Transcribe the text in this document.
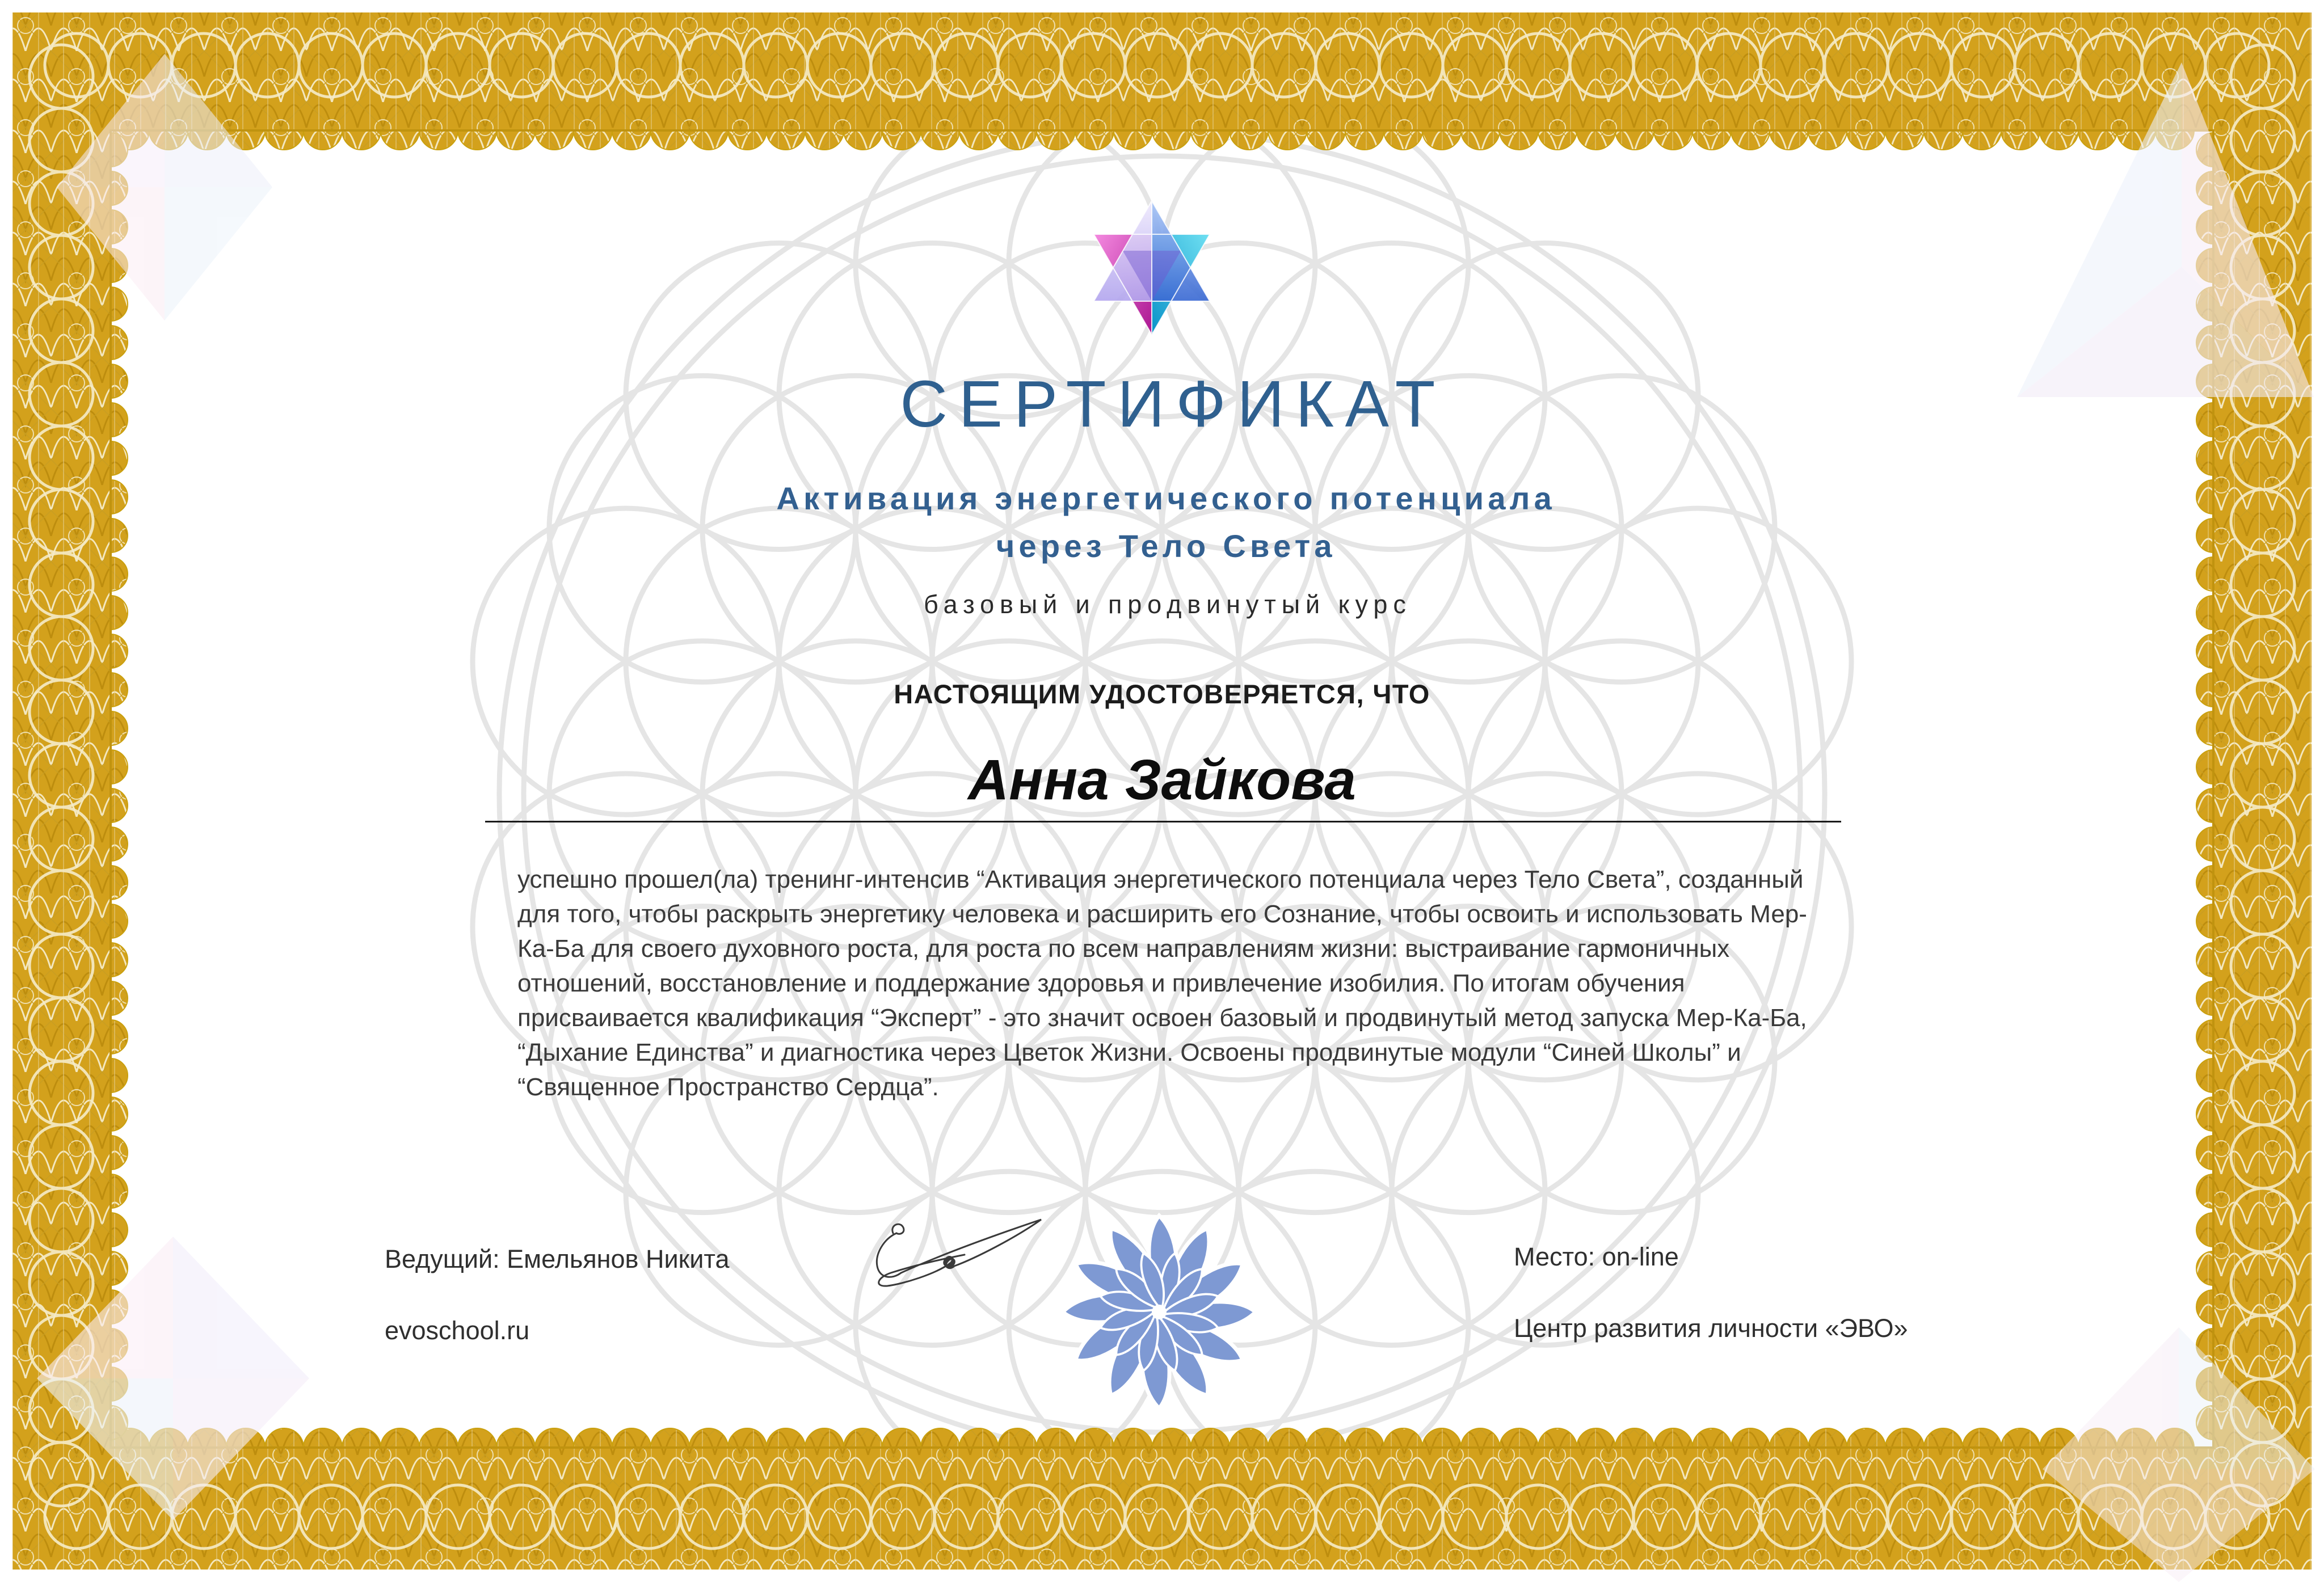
СЕРТИФИКАТ
Активация энергетического потенциала
через Тело Света
базовый и продвинутый курс
НАСТОЯЩИМ УДОСТОВЕРЯЕТСЯ, ЧТО
Анна Зайкова
успешно прошел(ла) тренинг-интенсив “Активация энергетического потенциала через Тело Света”, созданный для того, чтобы раскрыть энергетику человека и расширить его Сознание, чтобы освоить и использовать Мер-Ка-Ба для своего духовного роста, для роста по всем направлениям жизни: выстраивание гармоничных отношений, восстановление и поддержание здоровья и привлечение изобилия. По итогам обучения присваивается квалификация “Эксперт” - это значит освоен базовый и продвинутый метод запуска Мер-Ка-Ба, “Дыхание Единства” и диагностика через Цветок Жизни. Освоены продвинутые модули “Синей Школы” и “Священное Пространство Сердца”.
Ведущий: Емельянов Никита
evoschool.ru
Место: on-line
Центр развития личности «ЭВО»
